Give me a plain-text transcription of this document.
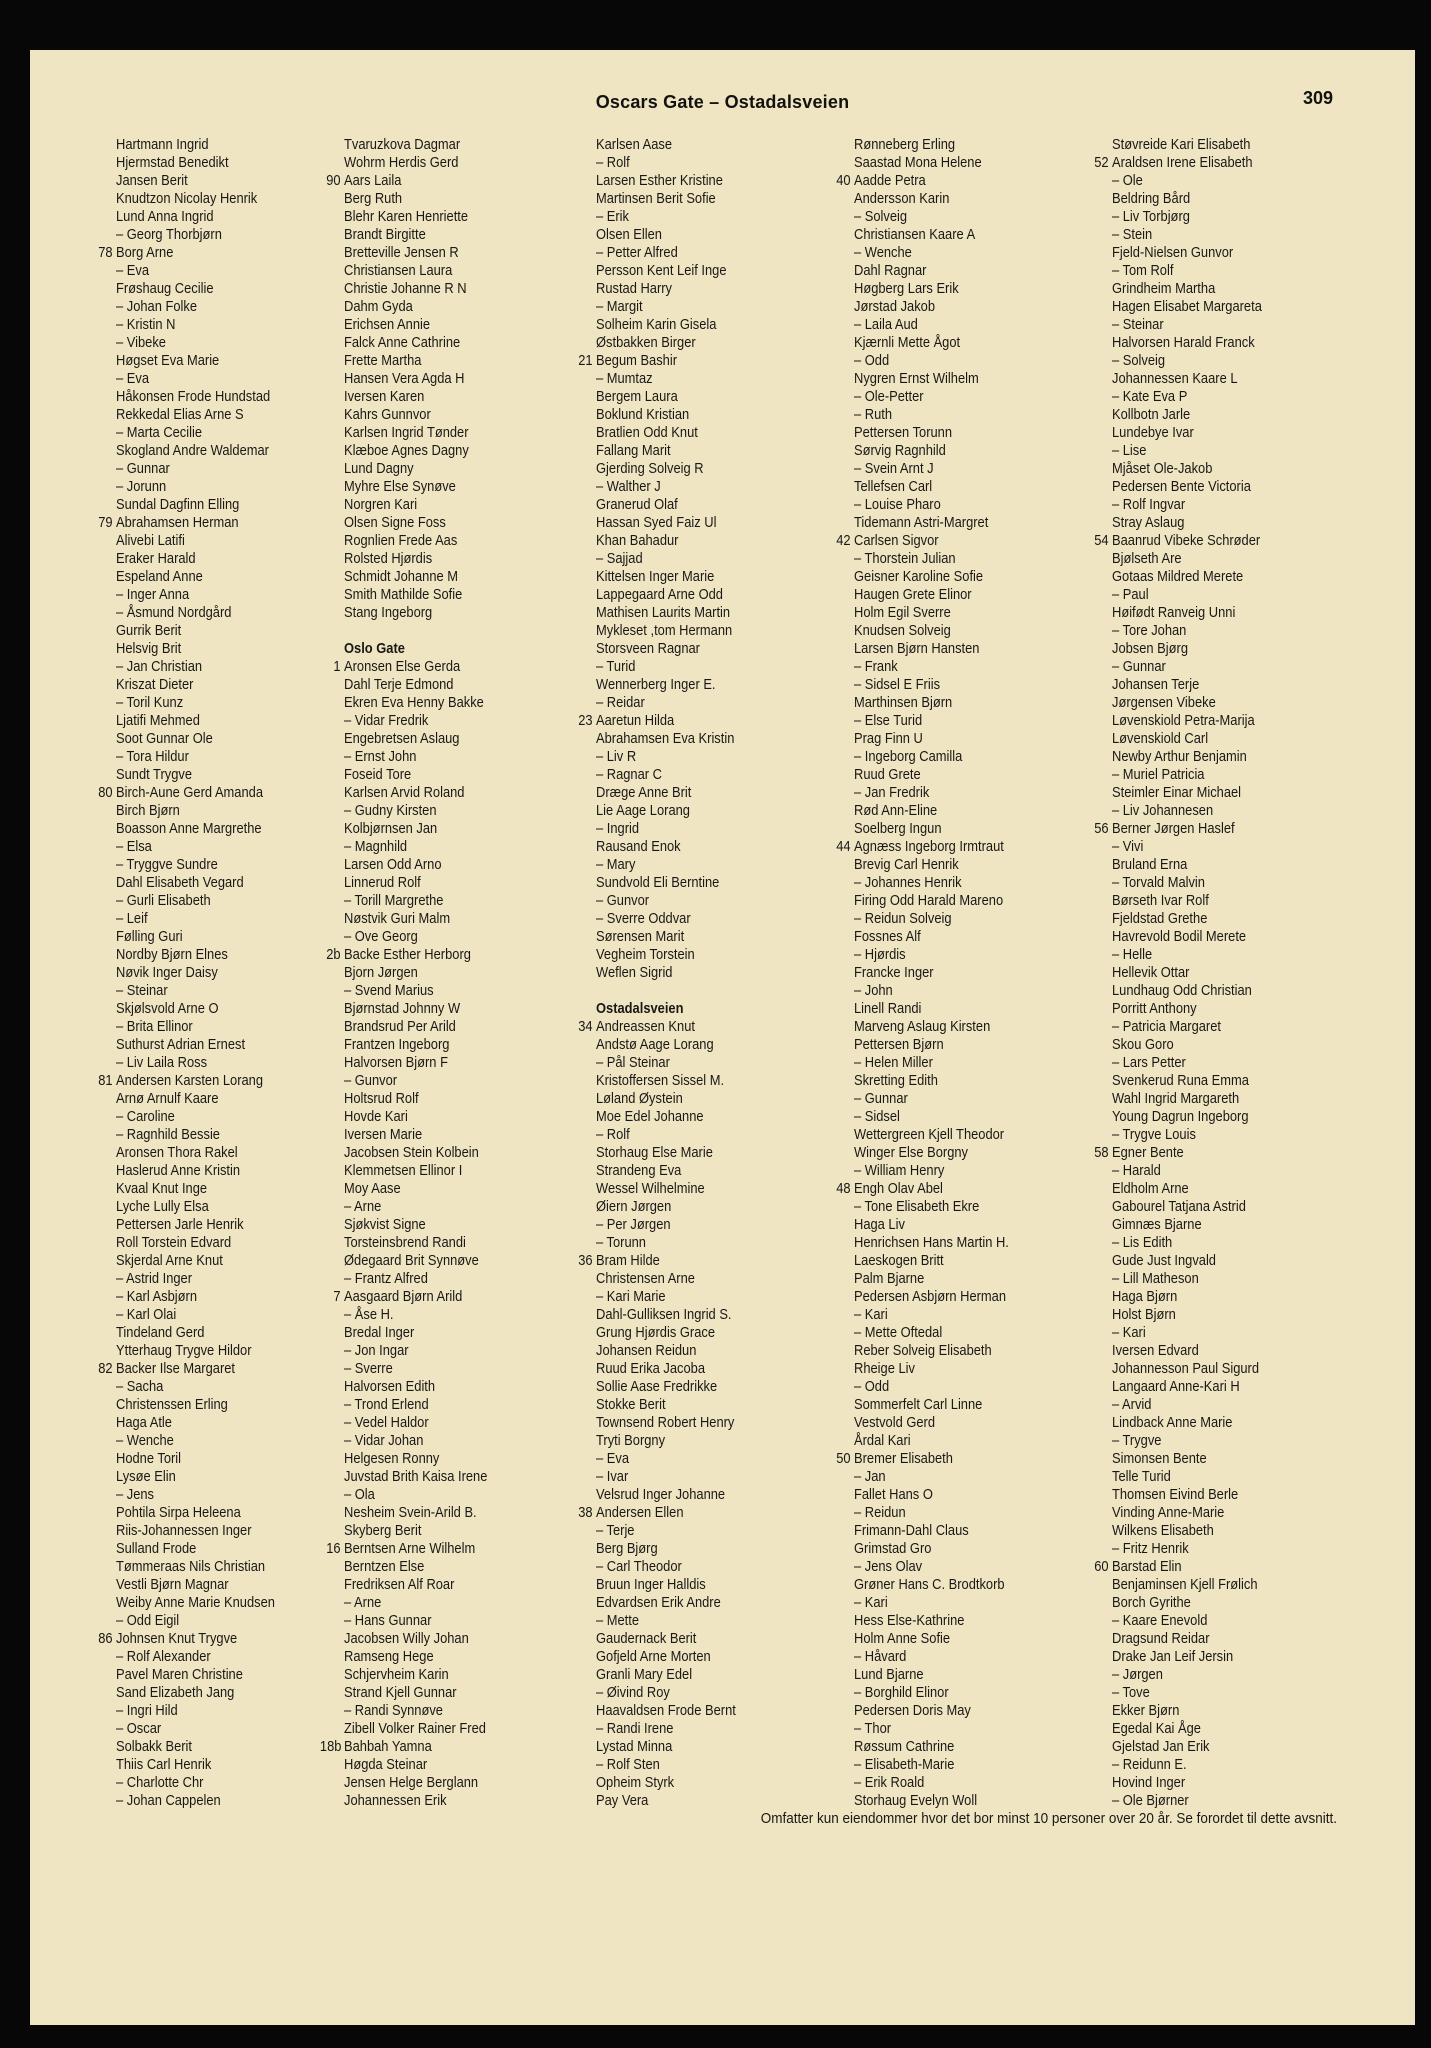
Oscars Gate – Ostadalsveien	309
Hartmann Ingrid
Hjermstad Benedikt
Jansen Berit
Knudtzon Nicolay Henrik
Lund Anna Ingrid
– Georg Thorbjørn
78 Borg Arne
– Eva
Frøshaug Cecilie
– Johan Folke
– Kristin N
– Vibeke
Høgset Eva Marie
– Eva
Håkonsen Frode Hundstad
Rekkedal Elias Arne S
– Marta Cecilie
Skogland Andre Waldemar
– Gunnar
– Jorunn
Sundal Dagfinn Elling
79 Abrahamsen Herman
Alivebi Latifi
Eraker Harald
Espeland Anne
– Inger Anna
– Åsmund Nordgård
Gurrik Berit
Helsvig Brit
– Jan Christian
Kriszat Dieter
– Toril Kunz
Ljatifi Mehmed
Soot Gunnar Ole
– Tora Hildur
Sundt Trygve
80 Birch-Aune Gerd Amanda
Birch Bjørn
Boasson Anne Margrethe
– Elsa
– Tryggve Sundre
Dahl Elisabeth Vegard
– Gurli Elisabeth
– Leif
Følling Guri
Nordby Bjørn Elnes
Nøvik Inger Daisy
– Steinar
Skjølsvold Arne O
– Brita Ellinor
Suthurst Adrian Ernest
– Liv Laila Ross
81 Andersen Karsten Lorang
Arnø Arnulf Kaare
– Caroline
– Ragnhild Bessie
Aronsen Thora Rakel
Haslerud Anne Kristin
Kvaal Knut Inge
Lyche Lully Elsa
Pettersen Jarle Henrik
Roll Torstein Edvard
Skjerdal Arne Knut
– Astrid Inger
– Karl Asbjørn
– Karl Olai
Tindeland Gerd
Ytterhaug Trygve Hildor
82 Backer Ilse Margaret
– Sacha
Christenssen Erling
Haga Atle
– Wenche
Hodne Toril
Lysøe Elin
– Jens
Pohtila Sirpa Heleena
Riis-Johannessen Inger
Sulland Frode
Tømmeraas Nils Christian
Vestli Bjørn Magnar
Weiby Anne Marie Knudsen
– Odd Eigil
86 Johnsen Knut Trygve
– Rolf Alexander
Pavel Maren Christine
Sand Elizabeth Jang
– Ingri Hild
– Oscar
Solbakk Berit
Thiis Carl Henrik
– Charlotte Chr
– Johan Cappelen
Tvaruzkova Dagmar
Wohrm Herdis Gerd
90 Aars Laila
Berg Ruth
Blehr Karen Henriette
Brandt Birgitte
Bretteville Jensen R
Christiansen Laura
Christie Johanne R N
Dahm Gyda
Erichsen Annie
Falck Anne Cathrine
Frette Martha
Hansen Vera Agda H
Iversen Karen
Kahrs Gunnvor
Karlsen Ingrid Tønder
Klæboe Agnes Dagny
Lund Dagny
Myhre Else Synøve
Norgren Kari
Olsen Signe Foss
Rognlien Frede Aas
Rolsted Hjørdis
Schmidt Johanne M
Smith Mathilde Sofie
Stang Ingeborg
Oslo Gate
1 Aronsen Else Gerda
Dahl Terje Edmond
Ekren Eva Henny Bakke
– Vidar Fredrik
Engebretsen Aslaug
– Ernst John
Foseid Tore
Karlsen Arvid Roland
– Gudny Kirsten
Kolbjørnsen Jan
– Magnhild
Larsen Odd Arno
Linnerud Rolf
– Torill Margrethe
Nøstvik Guri Malm
– Ove Georg
2b Backe Esther Herborg
Bjorn Jørgen
– Svend Marius
Bjørnstad Johnny W
Brandsrud Per Arild
Frantzen Ingeborg
Halvorsen Bjørn F
– Gunvor
Holtsrud Rolf
Hovde Kari
Iversen Marie
Jacobsen Stein Kolbein
Klemmetsen Ellinor I
Moy Aase
– Arne
Sjøkvist Signe
Torsteinsbrend Randi
Ødegaard Brit Synnøve
– Frantz Alfred
7 Aasgaard Bjørn Arild
– Åse H.
Bredal Inger
– Jon Ingar
– Sverre
Halvorsen Edith
– Trond Erlend
– Vedel Haldor
– Vidar Johan
Helgesen Ronny
Juvstad Brith Kaisa Irene
– Ola
Nesheim Svein-Arild B.
Skyberg Berit
16 Berntsen Arne Wilhelm
Berntzen Else
Fredriksen Alf Roar
– Arne
– Hans Gunnar
Jacobsen Willy Johan
Ramseng Hege
Schjervheim Karin
Strand Kjell Gunnar
– Randi Synnøve
Zibell Volker Rainer Fred
18b Bahbah Yamna
Høgda Steinar
Jensen Helge Berglann
Johannessen Erik
Karlsen Aase
– Rolf
Larsen Esther Kristine
Martinsen Berit Sofie
– Erik
Olsen Ellen
– Petter Alfred
Persson Kent Leif Inge
Rustad Harry
– Margit
Solheim Karin Gisela
Østbakken Birger
21 Begum Bashir
– Mumtaz
Bergem Laura
Boklund Kristian
Bratlien Odd Knut
Fallang Marit
Gjerding Solveig R
– Walther J
Granerud Olaf
Hassan Syed Faiz Ul
Khan Bahadur
– Sajjad
Kittelsen Inger Marie
Lappegaard Arne Odd
Mathisen Laurits Martin
Mykleset ,tom Hermann
Storsveen Ragnar
– Turid
Wennerberg Inger E.
– Reidar
23 Aaretun Hilda
Abrahamsen Eva Kristin
– Liv R
– Ragnar C
Dræge Anne Brit
Lie Aage Lorang
– Ingrid
Rausand Enok
– Mary
Sundvold Eli Berntine
– Gunvor
– Sverre Oddvar
Sørensen Marit
Vegheim Torstein
Weflen Sigrid
Ostadalsveien
34 Andreassen Knut
Andstø Aage Lorang
– Pål Steinar
Kristoffersen Sissel M.
Løland Øystein
Moe Edel Johanne
– Rolf
Storhaug Else Marie
Strandeng Eva
Wessel Wilhelmine
Øiern Jørgen
– Per Jørgen
– Torunn
36 Bram Hilde
Christensen Arne
– Kari Marie
Dahl-Gulliksen Ingrid S.
Grung Hjørdis Grace
Johansen Reidun
Ruud Erika Jacoba
Sollie Aase Fredrikke
Stokke Berit
Townsend Robert Henry
Tryti Borgny
– Eva
– Ivar
Velsrud Inger Johanne
38 Andersen Ellen
– Terje
Berg Bjørg
– Carl Theodor
Bruun Inger Halldis
Edvardsen Erik Andre
– Mette
Gaudernack Berit
Gofjeld Arne Morten
Granli Mary Edel
– Øivind Roy
Haavaldsen Frode Bernt
– Randi Irene
Lystad Minna
– Rolf Sten
Opheim Styrk
Pay Vera
Rønneberg Erling
Saastad Mona Helene
40 Aadde Petra
Andersson Karin
– Solveig
Christiansen Kaare A
– Wenche
Dahl Ragnar
Høgberg Lars Erik
Jørstad Jakob
– Laila Aud
Kjærnli Mette Ågot
– Odd
Nygren Ernst Wilhelm
– Ole-Petter
– Ruth
Pettersen Torunn
Sørvig Ragnhild
– Svein Arnt J
Tellefsen Carl
– Louise Pharo
Tidemann Astri-Margret
42 Carlsen Sigvor
– Thorstein Julian
Geisner Karoline Sofie
Haugen Grete Elinor
Holm Egil Sverre
Knudsen Solveig
Larsen Bjørn Hansten
– Frank
– Sidsel E Friis
Marthinsen Bjørn
– Else Turid
Prag Finn U
– Ingeborg Camilla
Ruud Grete
– Jan Fredrik
Rød Ann-Eline
Soelberg Ingun
44 Agnæss Ingeborg Irmtraut
Brevig Carl Henrik
– Johannes Henrik
Firing Odd Harald Mareno
– Reidun Solveig
Fossnes Alf
– Hjørdis
Francke Inger
– John
Linell Randi
Marveng Aslaug Kirsten
Pettersen Bjørn
– Helen Miller
Skretting Edith
– Gunnar
– Sidsel
Wettergreen Kjell Theodor
Winger Else Borgny
– William Henry
48 Engh Olav Abel
– Tone Elisabeth Ekre
Haga Liv
Henrichsen Hans Martin H.
Laeskogen Britt
Palm Bjarne
Pedersen Asbjørn Herman
– Kari
– Mette Oftedal
Reber Solveig Elisabeth
Rheige Liv
– Odd
Sommerfelt Carl Linne
Vestvold Gerd
Årdal Kari
50 Bremer Elisabeth
– Jan
Fallet Hans O
– Reidun
Frimann-Dahl Claus
Grimstad Gro
– Jens Olav
Grøner Hans C. Brodtkorb
– Kari
Hess Else-Kathrine
Holm Anne Sofie
– Håvard
Lund Bjarne
– Borghild Elinor
Pedersen Doris May
– Thor
Røssum Cathrine
– Elisabeth-Marie
– Erik Roald
Storhaug Evelyn Woll
Støvreide Kari Elisabeth
52 Araldsen Irene Elisabeth
– Ole
Beldring Bård
– Liv Torbjørg
– Stein
Fjeld-Nielsen Gunvor
– Tom Rolf
Grindheim Martha
Hagen Elisabet Margareta
– Steinar
Halvorsen Harald Franck
– Solveig
Johannessen Kaare L
– Kate Eva P
Kollbotn Jarle
Lundebye Ivar
– Lise
Mjåset Ole-Jakob
Pedersen Bente Victoria
– Rolf Ingvar
Stray Aslaug
54 Baanrud Vibeke Schrøder
Bjølseth Are
Gotaas Mildred Merete
– Paul
Høifødt Ranveig Unni
– Tore Johan
Jobsen Bjørg
– Gunnar
Johansen Terje
Jørgensen Vibeke
Løvenskiold Petra-Marija
Løvenskiold Carl
Newby Arthur Benjamin
– Muriel Patricia
Steimler Einar Michael
– Liv Johannesen
56 Berner Jørgen Haslef
– Vivi
Bruland Erna
– Torvald Malvin
Børseth Ivar Rolf
Fjeldstad Grethe
Havrevold Bodil Merete
– Helle
Hellevik Ottar
Lundhaug Odd Christian
Porritt Anthony
– Patricia Margaret
Skou Goro
– Lars Petter
Svenkerud Runa Emma
Wahl Ingrid Margareth
Young Dagrun Ingeborg
– Trygve Louis
58 Egner Bente
– Harald
Eldholm Arne
Gabourel Tatjana Astrid
Gimnæs Bjarne
– Lis Edith
Gude Just Ingvald
– Lill Matheson
Haga Bjørn
Holst Bjørn
– Kari
Iversen Edvard
Johannesson Paul Sigurd
Langaard Anne-Kari H
– Arvid
Lindback Anne Marie
– Trygve
Simonsen Bente
Telle Turid
Thomsen Eivind Berle
Vinding Anne-Marie
Wilkens Elisabeth
– Fritz Henrik
60 Barstad Elin
Benjaminsen Kjell Frølich
Borch Gyrithe
– Kaare Enevold
Dragsund Reidar
Drake Jan Leif Jersin
– Jørgen
– Tove
Ekker Bjørn
Egedal Kai Åge
Gjelstad Jan Erik
– Reidunn E.
Hovind Inger
– Ole Bjørner
Omfatter kun eiendommer hvor det bor minst 10 personer over 20 år. Se forordet til dette avsnitt.
